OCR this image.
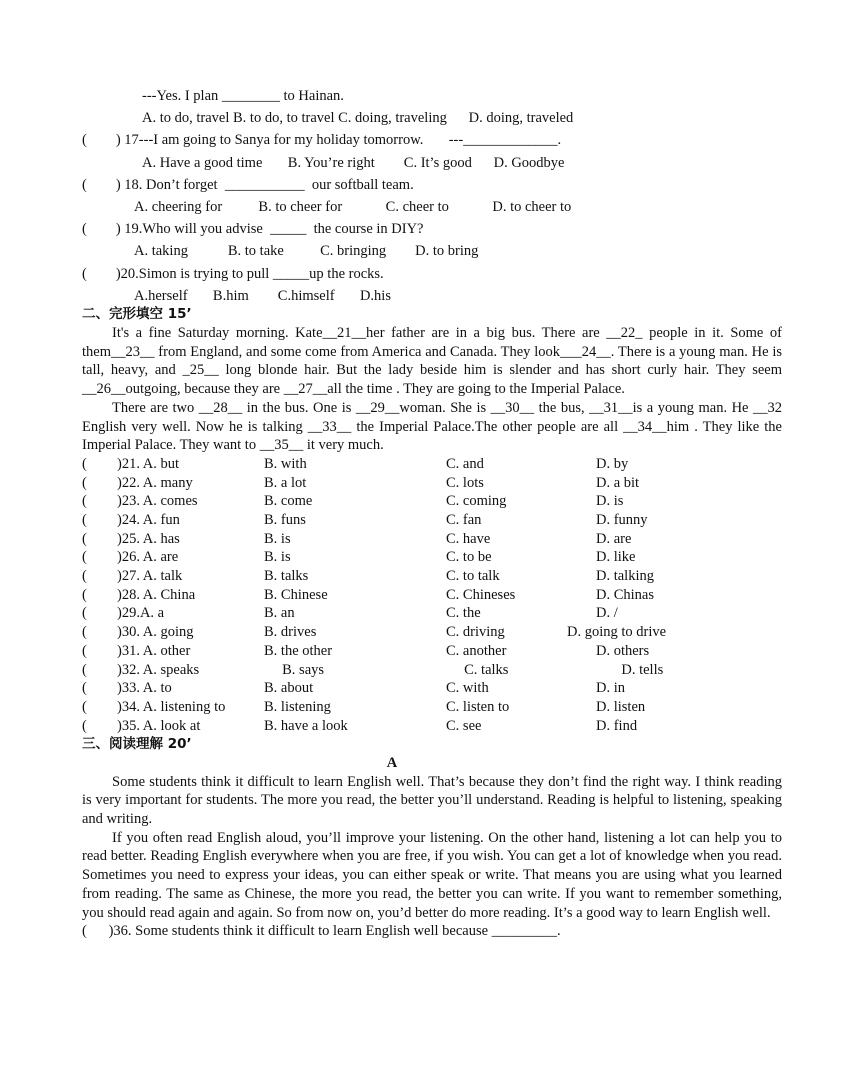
---Yes. I plan ________ to Hainan.
A. to do, travel B. to do, to travel C. doing, traveling      D. doing, traveled
(        ) 17---I am going to Sanya for my holiday tomorrow.       ---_____________.
A. Have a good time       B. You’re right        C. It’s good      D. Goodbye
(        ) 18. Don’t forget  ___________  our softball team.
A. cheering for          B. to cheer for            C. cheer to            D. to cheer to
(        ) 19.Who will you advise  _____  the course in DIY?
A. taking           B. to take          C. bringing        D. to bring
(        )20.Simon is trying to pull _____up the rocks.
A.herself       B.him        C.himself       D.his
二、完形填空 15’

It's a fine Saturday morning. Kate__21__her father are in a big bus. There are __22_ people in it. Some of them__23__ from England, and some come from America and Canada. They look___24__. There is a young man. He is tall, heavy, and _25__ long blonde hair. But the lady beside him is slender and has short curly hair. They seem __26__outgoing, because they are __27__all the time . They are going to the Imperial Palace.

There are two __28__ in the bus. One is __29__woman. She is __30__ the bus, __31__is a young man. He __32 English very well. Now he is talking __33__ the Imperial Palace.The other people are all __34__him . They like the Imperial Palace. They want to __35__ it very much.

(	)21. A. but	B. with	C. and	D. by
(	)22. A. many	B. a lot	C. lots	D. a bit
(	)23. A. comes	B. come	C. coming	D. is
(	)24. A. fun	B. funs	C. fan	D. funny
(	)25. A. has	B. is	C. have	D. are
(	)26. A. are	B. is	C. to be	D. like
(	)27. A. talk	B. talks	C. to talk	D. talking
(	)28. A. China	B. Chinese	C. Chineses	D. Chinas
(	)29.A. a	B. an	C. the	D. /
(	)30. A. going	B. drives	C. driving	D. going to drive
(	)31. A. other	B. the other	C. another	D. others
(	)32. A. speaks	B. says	C. talks	D. tells
(	)33. A. to	B. about	C. with	D. in
(	)34. A. listening to	B. listening	C. listen to	D. listen
(	)35. A. look at	B. have a look	C. see	D. find
三、阅读理解 20’
A

Some students think it difficult to learn English well. That’s because they don’t find the right way. I think reading is very important for students. The more you read, the better you’ll understand. Reading is helpful to listening, speaking and writing.

If you often read English aloud, you’ll improve your listening. On the other hand, listening a lot can help you to read better. Reading English everywhere when you are free, if you wish. You can get a lot of knowledge when you read. Sometimes you need to express your ideas, you can either speak or write. That means you are using what you learned from reading. The same as Chinese, the more you read, the better you can write. If you want to remember something, you should read again and again. So from now on, you’d better do more reading. It’s a good way to learn English well.

(      )36. Some students think it difficult to learn English well because _________.
